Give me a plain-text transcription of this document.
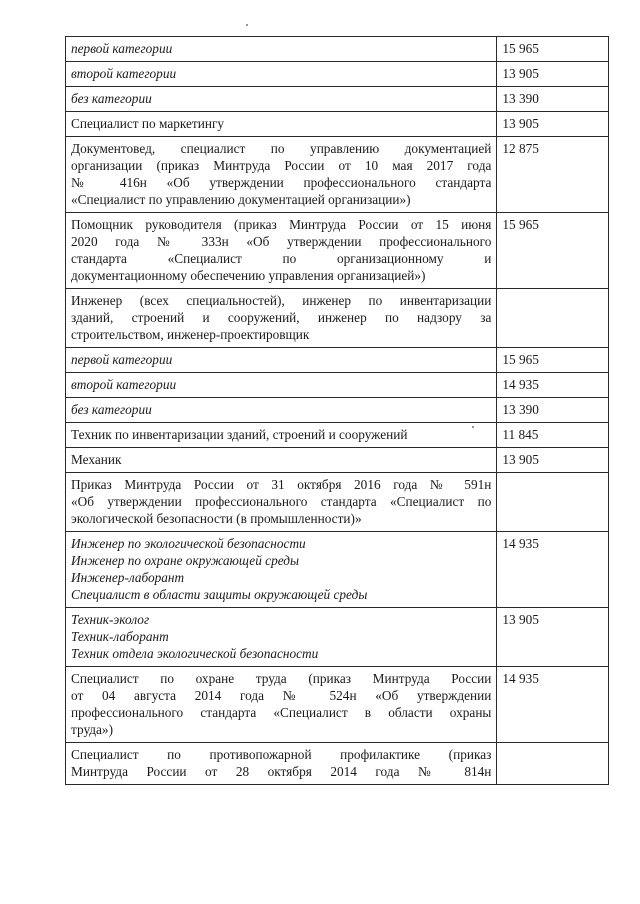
первой категории	15 965
второй категории	13 905
без категории	13 390
Специалист по маркетингу	13 905

Документовед, специалист по управлению документацией
организации (приказ Минтруда России от 10 мая 2017 года
№ 416н «Об утверждении профессионального стандарта
«Специалист по управлению документацией организации»)	12 875

Помощник руководителя (приказ Минтруда России от 15 июня
2020 года № 333н «Об утверждении профессионального
стандарта «Специалист по организационному и
документационному обеспечению управления организацией»)	15 965

Инженер (всех специальностей), инженер по инвентаризации
зданий, строений и сооружений, инженер по надзору за
строительством, инженер-проектировщик	

первой категории	15 965
второй категории	14 935
без категории	13 390
Техник по инвентаризации зданий, строений и сооружений	11 845
Механик	13 905

Приказ Минтруда России от 31 октября 2016 года № 591н
«Об утверждении профессионального стандарта «Специалист по
экологической безопасности (в промышленности)»	

Инженер по экологической безопасности
Инженер по охране окружающей среды
Инженер-лаборант
Специалист в области защиты окружающей среды	14 935

Техник-эколог
Техник-лаборант
Техник отдела экологической безопасности	13 905

Специалист по охране труда (приказ Минтруда России
от 04 августа 2014 года № 524н «Об утверждении
профессионального стандарта «Специалист в области охраны
труда»)	14 935

Специалист по противопожарной профилактике (приказ
Минтруда России от 28 октября 2014 года № 814н	
